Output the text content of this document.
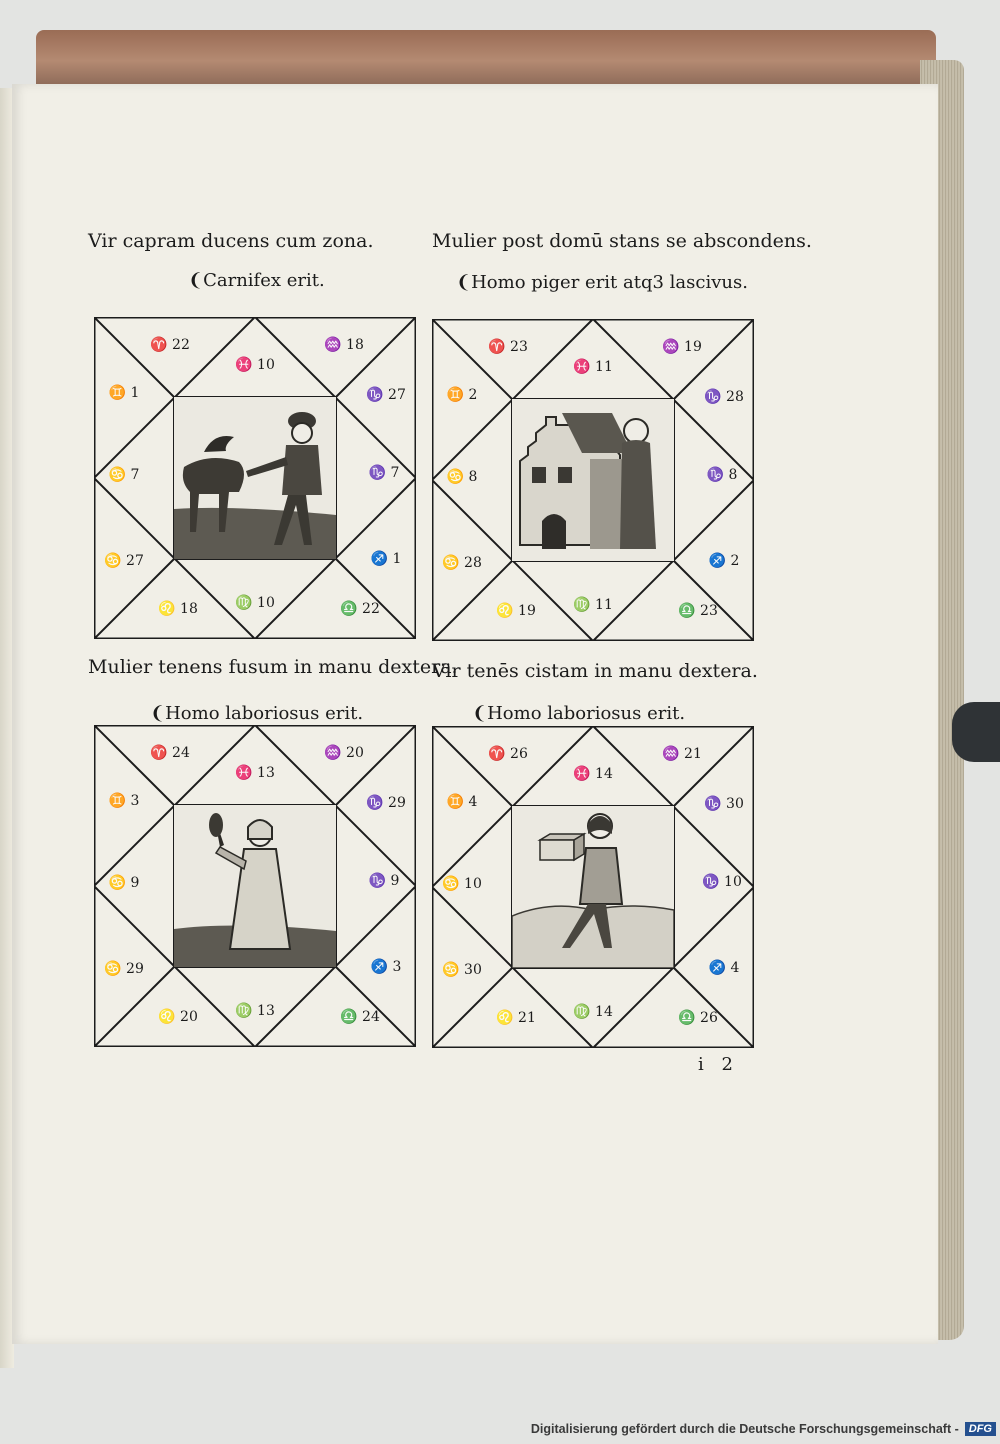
Vir capram ducens cum zona.	Mulier post domū stans se abscondens.
❨Carnifex erit.	❨Homo piger erit atq3 lascivus.
Mulier tenens fusum in manu dextera.
Vir tenēs cistam in manu dextera.
❨Homo laboriosus erit.	❨Homo laboriosus erit.
♓ 10
♒ 18
♑ 27
♑ 7
♐ 1
♎ 22
♍ 10
♌ 18
♋ 27
♋ 7
♊ 1
♈ 22
♓ 11
♒ 19
♑ 28
♑ 8
♐ 2
♎ 23
♍ 11
♌ 19
♋ 28
♋ 8
♊ 2
♈ 23
♓ 13
♒ 20
♑ 29
♑ 9
♐ 3
♎ 24
♍ 13
♌ 20
♋ 29
♋ 9
♊ 3
♈ 24
♓ 14
♒ 21
♑ 30
♑ 10
♐ 4
♎ 26
♍ 14
♌ 21
♋ 30
♋ 10
♊ 4
♈ 26
i 2
Digitalisierung gefördert durch die Deutsche Forschungsgemeinschaft - DFG
